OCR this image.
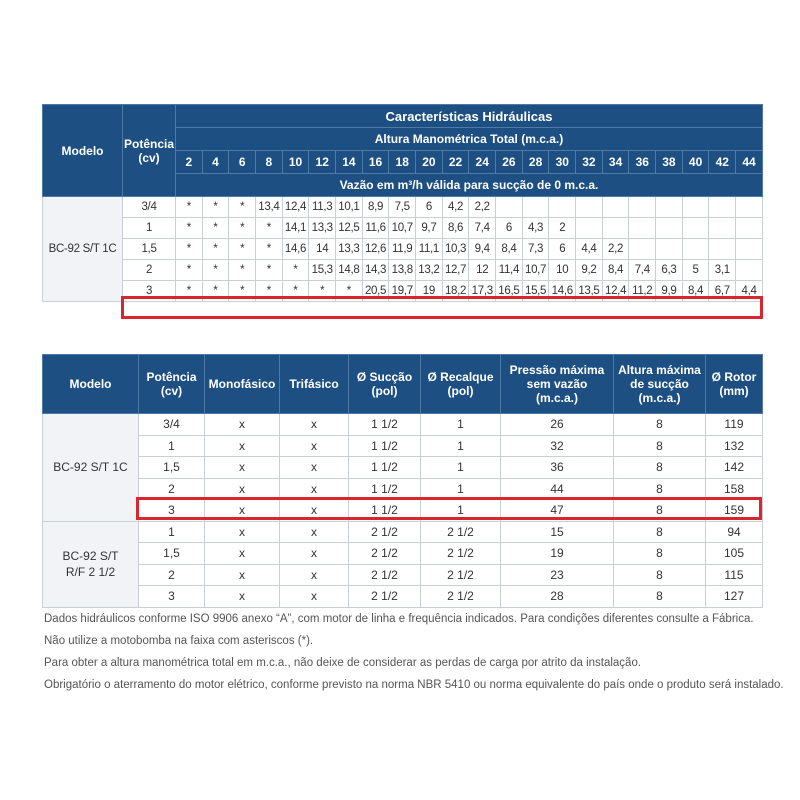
Modelo	Potência
(cv)	Características Hidráulicas																					
		Altura Manométrica Total (m.c.a.)																					
		2	4	6	8	10	12	14	16	18	20	22	24	26	28	30	32	34	36	38	40	42	44
		Vazão em m³/h válida para sucção de 0 m.c.a.																					
BC-92 S/T 1C	3/4	*	*	*	13,4	12,4	11,3	10,1	8,9	7,5	6	4,2	2,2										
	1	*	*	*	*	14,1	13,3	12,5	11,6	10,7	9,7	8,6	7,4	6	4,3	2							
	1,5	*	*	*	*	14,6	14	13,3	12,6	11,9	11,1	10,3	9,4	8,4	7,3	6	4,4	2,2					
	2	*	*	*	*	*	15,3	14,8	14,3	13,8	13,2	12,7	12	11,4	10,7	10	9,2	8,4	7,4	6,3	5	3,1	
	3	*	*	*	*	*	*	*	20,5	19,7	19	18,2	17,3	16,5	15,5	14,6	13,5	12,4	11,2	9,9	8,4	6,7	4,4
Modelo	Potência
(cv)	Monofásico	Trifásico	Ø Sucção
(pol)	Ø Recalque
(pol)	Pressão máxima
sem vazão
(m.c.a.)	Altura máxima
de sucção
(m.c.a.)	Ø Rotor
(mm)
BC-92 S/T 1C	3/4	x	x	1 1/2	1	26	8	119
	1	x	x	1 1/2	1	32	8	132
	1,5	x	x	1 1/2	1	36	8	142
	2	x	x	1 1/2	1	44	8	158
	3	x	x	1 1/2	1	47	8	159
BC-92 S/T
R/F 2 1/2	1	x	x	2 1/2	2 1/2	15	8	94
	1,5	x	x	2 1/2	2 1/2	19	8	105
	2	x	x	2 1/2	2 1/2	23	8	115
	3	x	x	2 1/2	2 1/2	28	8	127

Dados hidráulicos conforme ISO 9906 anexo “A”, com motor de linha e frequência indicados. Para condições diferentes consulte a Fábrica.

Não utilize a motobomba na faixa com asteriscos (*).

Para obter a altura manométrica total em m.c.a., não deixe de considerar as perdas de carga por atrito da instalação.

Obrigatório o aterramento do motor elétrico, conforme previsto na norma NBR 5410 ou norma equivalente do país onde o produto será instalado.
